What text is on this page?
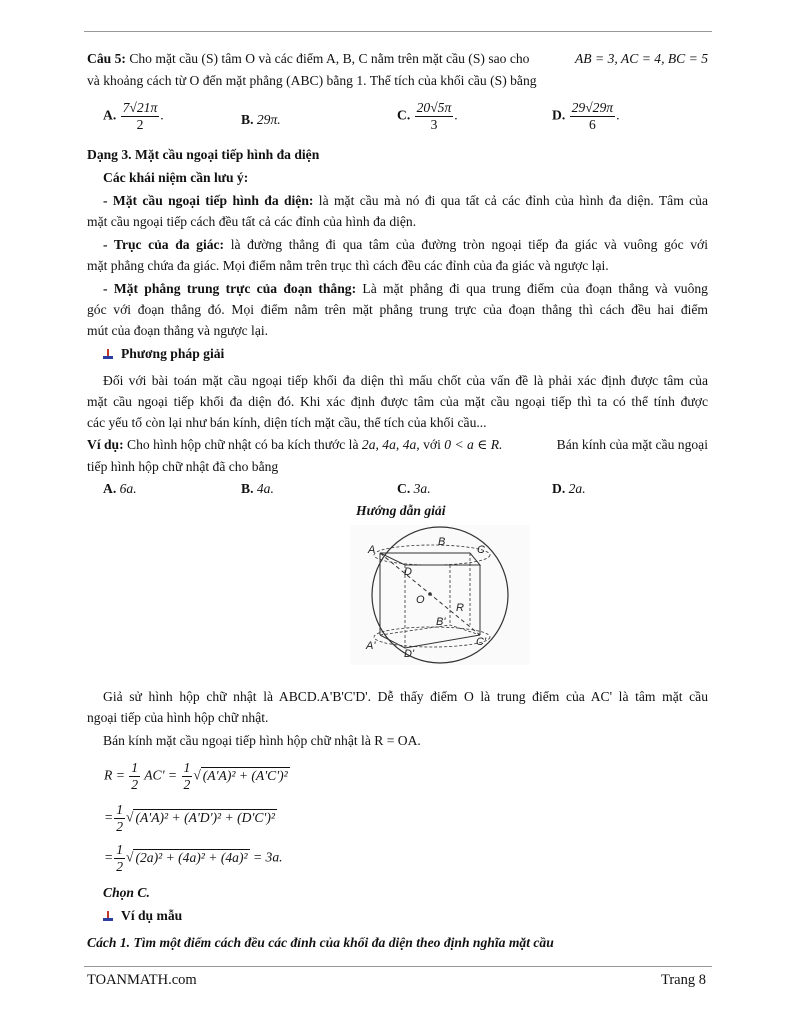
Câu 5: Cho mặt cầu (S) tâm O và các điểm A, B, C nằm trên mặt cầu (S) sao cho	AB = 3, AC = 4, BC = 5
và khoảng cách từ O đến mặt phẳng (ABC) bằng 1. Thể tích của khối cầu (S) bằng
A. $\frac{7√21\pi}{2}$ .	B. 29π.	C. $\frac{20√5\pi}{3}$ .	D. $\frac{29√29\pi}{6}$ .
Dạng 3. Mặt cầu ngoại tiếp hình đa diện
Các khái niệm cần lưu ý:
- Mặt cầu ngoại tiếp hình đa diện: là mặt cầu mà nó đi qua tất cả các đỉnh của hình đa diện. Tâm của
mặt cầu ngoại tiếp cách đều tất cả các đỉnh của hình đa diện.
- Trục của đa giác: là đường thẳng đi qua tâm của đường tròn ngoại tiếp đa giác và vuông góc với
mặt phẳng chứa đa giác. Mọi điểm nằm trên trục thì cách đều các đỉnh của đa giác và ngược lại.
- Mặt phẳng trung trực của đoạn thẳng: Là mặt phẳng đi qua trung điểm của đoạn thẳng và vuông
góc với đoạn thẳng đó. Mọi điểm nằm trên mặt phẳng trung trực của đoạn thẳng thì cách đều hai điểm
mút của đoạn thẳng và ngược lại.
Phương pháp giải
Đối với bài toán mặt cầu ngoại tiếp khối đa diện thì mấu chốt của vấn đề là phải xác định được tâm của
mặt cầu ngoại tiếp khối đa diện đó. Khi xác định được tâm của mặt cầu ngoại tiếp thì ta có thể tính được
các yếu tố còn lại như bán kính, diện tích mặt cầu, thể tích của khối cầu...
Ví dụ: Cho hình hộp chữ nhật có ba kích thước là 2a, 4a, 4a, với 0 < a ∈ R.	Bán kính của mặt cầu ngoại
tiếp hình hộp chữ nhật đã cho bằng
A. 6a.	B. 4a.	C. 3a.	D. 2a.
Hướng dẫn giải
A
B
C
D
O
R
B'
A'
D'
C'
Giả sử hình hộp chữ nhật là ABCD.A'B'C'D'. Dễ thấy điểm O là trung điểm của AC' là tâm mặt cầu
ngoại tiếp của hình hộp chữ nhật.
Bán kính mặt cầu ngoại tiếp hình hộp chữ nhật là R = OA.
$R = \frac{1}{2} AC' = \frac{1}{2}$ √ (A'A)² + (A'C')²
= $\frac{1}{2}$ √ (A'A)² + (A'D')² + (D'C')²
= $\frac{1}{2}$ √ (2a)² + (4a)² + (4a)² = 3a.
Chọn C.
Ví dụ mẫu
Cách 1. Tìm một điểm cách đều các đỉnh của khối đa diện theo định nghĩa mặt cầu
TOANMATH.com	Trang 8
